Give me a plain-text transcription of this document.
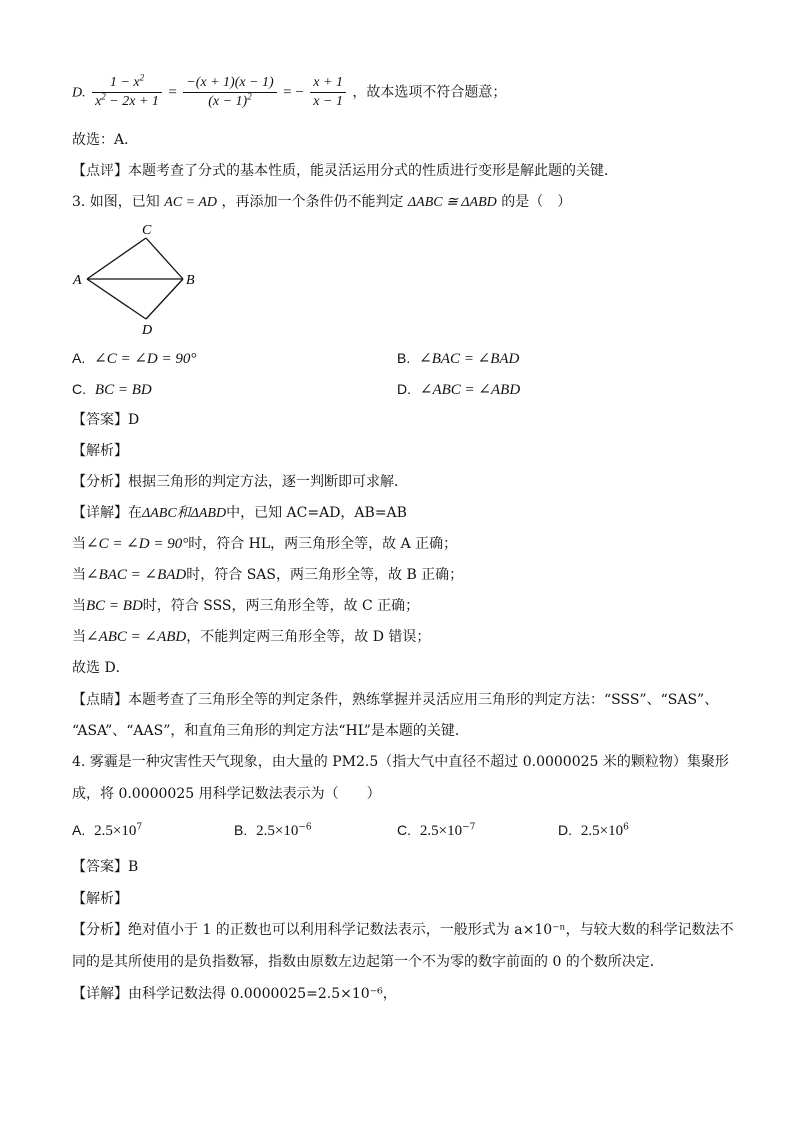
D. $\frac{1 - x^2}{x^2 - 2x + 1} = \frac{-(x + 1)(x - 1)}{(x - 1)^2}$ = − $\frac{x + 1}{x - 1}$ ，故本选项不符合题意；
故选：A．
【点评】本题考查了分式的基本性质，能灵活运用分式的性质进行变形是解此题的关键．
3. 如图，已知 AC = AD ，再添加一个条件仍不能判定 ΔABC ≅ ΔABD 的是（　）
C
A	B
D
A. ∠C = ∠D = 90°	B. ∠BAC = ∠BAD
C. BC = BD	D. ∠ABC = ∠ABD
【答案】D
【解析】
【分析】根据三角形的判定方法，逐一判断即可求解．
【详解】在ΔABC和ΔABD中，已知 AC=AD，AB=AB
当∠C = ∠D = 90°时，符合 HL，两三角形全等，故 A 正确；
当∠BAC = ∠BAD时，符合 SAS，两三角形全等，故 B 正确；
当BC = BD时，符合 SSS，两三角形全等，故 C 正确；
当∠ABC = ∠ABD，不能判定两三角形全等，故 D 错误；
故选 D．
【点睛】本题考查了三角形全等的判定条件，熟练掌握并灵活应用三角形的判定方法：“SSS”、“SAS”、
“ASA”、“AAS”，和直角三角形的判定方法“HL”是本题的关键．
4. 雾霾是一种灾害性天气现象，由大量的 PM2.5（指大气中直径不超过 0.0000025 米的颗粒物）集聚形
成，将 0.0000025 用科学记数法表示为（　　）
A. $2.5\times 10^7$	B. $2.5\times 10^{-6}$	C. $2.5\times 10^{-7}$	D. $2.5\times 10^6$
【答案】B
【解析】
【分析】绝对值小于 1 的正数也可以利用科学记数法表示，一般形式为 a×10⁻ⁿ，与较大数的科学记数法不
同的是其所使用的是负指数幂，指数由原数左边起第一个不为零的数字前面的 0 的个数所决定．
【详解】由科学记数法得 0.0000025=2.5×10⁻⁶，
